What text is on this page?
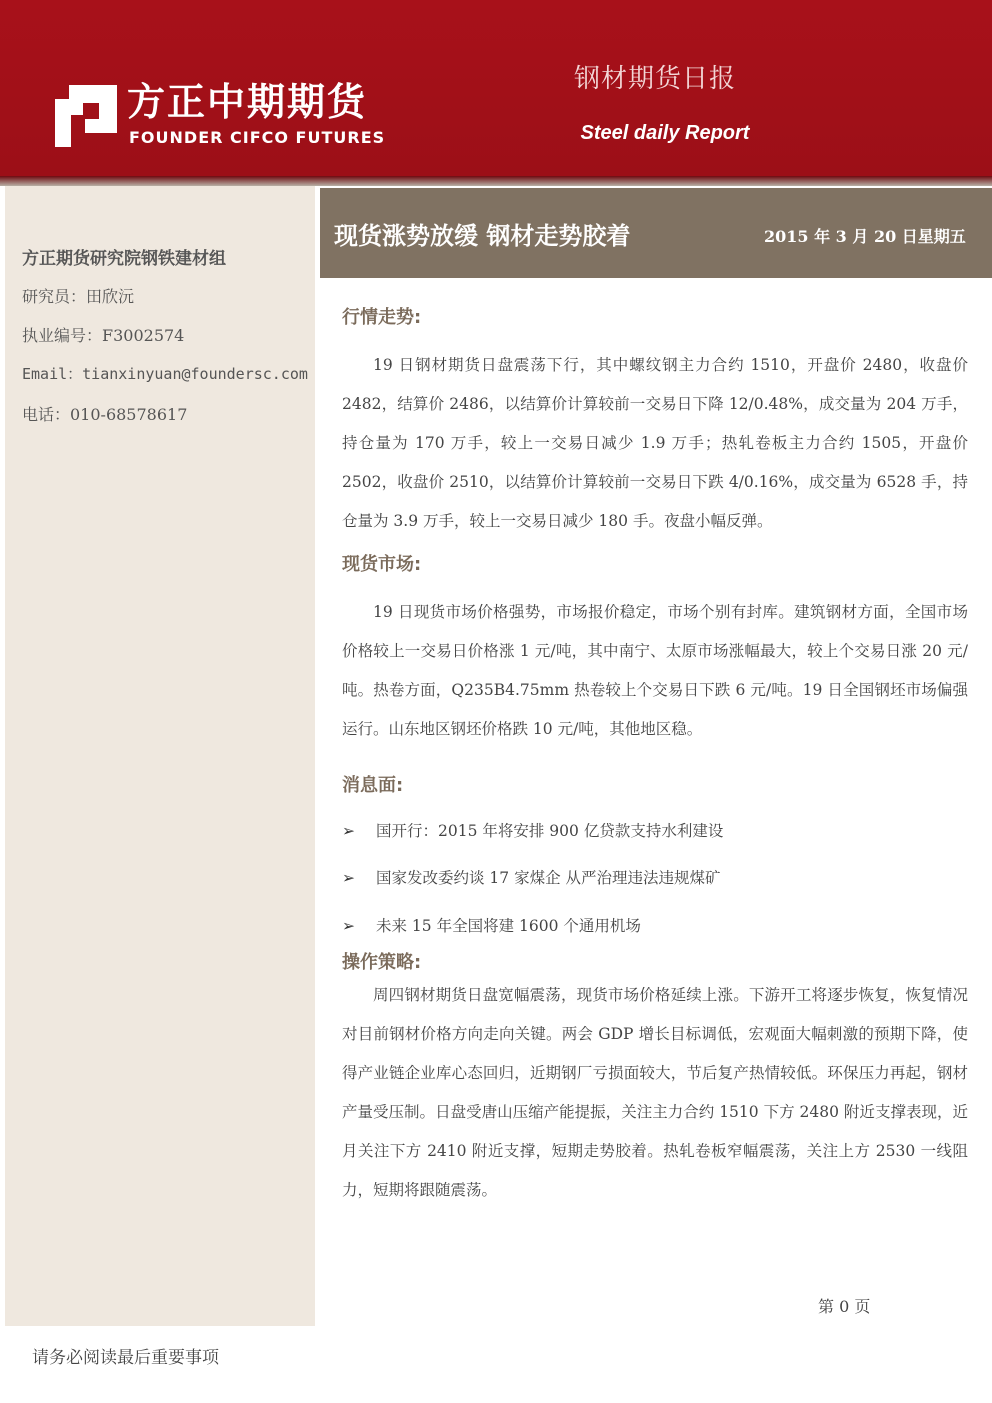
方正中期期货
FOUNDER CIFCO FUTURES
钢材期货日报
Steel daily Report
方正期货研究院钢铁建材组
研究员：田欣沅
执业编号：F3002574
Email：tianxinyuan@foundersc.com
电话：010-68578617
现货涨势放缓 钢材走势胶着	2015 年 3 月 20 日星期五
行情走势:
19 日钢材期货日盘震荡下行，其中螺纹钢主力合约 1510，开盘价 2480，收盘价 2482，结算价 2486，以结算价计算较前一交易日下降 12/0.48%，成交量为 204 万手，持仓量为 170 万手，较上一交易日减少 1.9 万手；热轧卷板主力合约 1505，开盘价 2502，收盘价 2510，以结算价计算较前一交易日下跌 4/0.16%，成交量为 6528 手，持仓量为 3.9 万手，较上一交易日减少 180 手。夜盘小幅反弹。
现货市场:
19 日现货市场价格强势，市场报价稳定，市场个别有封库。建筑钢材方面，全国市场价格较上一交易日价格涨 1 元/吨，其中南宁、太原市场涨幅最大，较上个交易日涨 20 元/吨。热卷方面，Q235B4.75mm 热卷较上个交易日下跌 6 元/吨。19 日全国钢坯市场偏强运行。山东地区钢坯价格跌 10 元/吨，其他地区稳。
消息面:
➢ 国开行：2015 年将安排 900 亿贷款支持水利建设
➢ 国家发改委约谈 17 家煤企 从严治理违法违规煤矿
➢ 未来 15 年全国将建 1600 个通用机场
操作策略:
周四钢材期货日盘宽幅震荡，现货市场价格延续上涨。下游开工将逐步恢复，恢复情况对目前钢材价格方向走向关键。两会 GDP 增长目标调低，宏观面大幅刺激的预期下降，使得产业链企业库心态回归，近期钢厂亏损面较大，节后复产热情较低。环保压力再起，钢材产量受压制。日盘受唐山压缩产能提振，关注主力合约 1510 下方 2480 附近支撑表现，近月关注下方 2410 附近支撑，短期走势胶着。热轧卷板窄幅震荡，关注上方 2530 一线阻力，短期将跟随震荡。
第 0 页
请务必阅读最后重要事项
